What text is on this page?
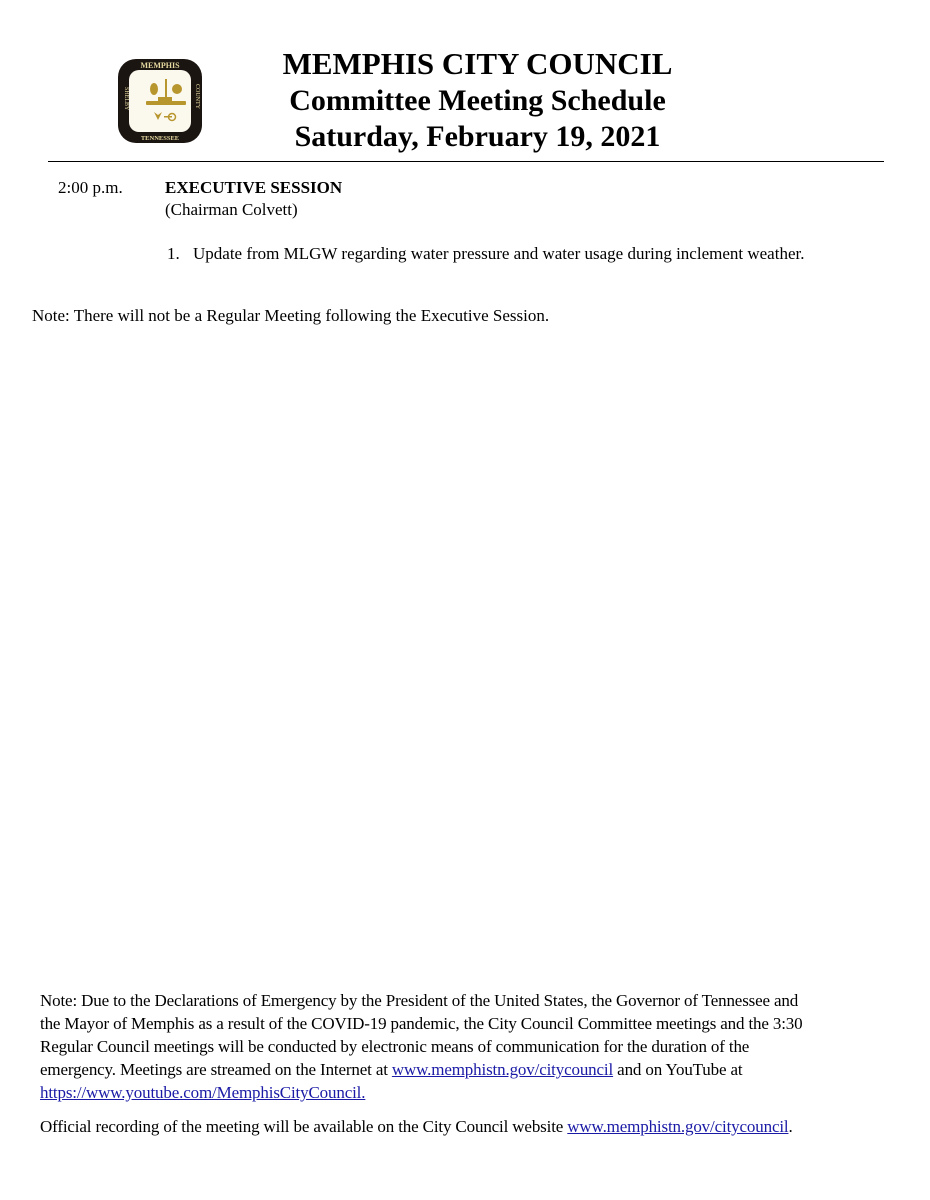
MEMPHIS
TENNESSEE
SHELBY	COUNTY
MEMPHIS CITY COUNCIL
Committee Meeting Schedule
Saturday, February 19, 2021
2:00 p.m. EXECUTIVE SESSION
(Chairman Colvett)
1. Update from MLGW regarding water pressure and water usage during inclement weather.
Note: There will not be a Regular Meeting following the Executive Session.
Note: Due to the Declarations of Emergency by the President of the United States, the Governor of Tennessee and
the Mayor of Memphis as a result of the COVID-19 pandemic, the City Council Committee meetings and the 3:30
Regular Council meetings will be conducted by electronic means of communication for the duration of the
emergency. Meetings are streamed on the Internet at www.memphistn.gov/citycouncil and on YouTube at
https://www.youtube.com/MemphisCityCouncil.
Official recording of the meeting will be available on the City Council website www.memphistn.gov/citycouncil.
